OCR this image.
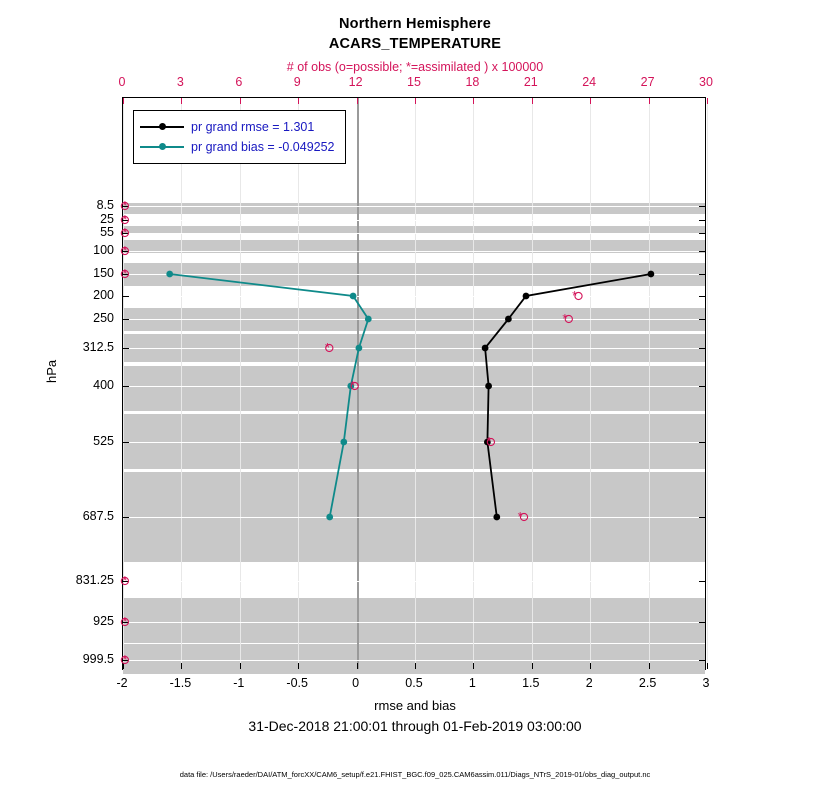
Northern Hemisphere
ACARS_TEMPERATURE
# of obs (o=possible; *=assimilated ) x 100000
0	3	6	9	12	15	18	21	24	27	30
-2	-1.5	-1	-0.5	0	0.5	1	1.5	2	2.5	3
8.5
25
55
100
150
200
250
312.5
400
525
687.5
831.25
925
999.5
hPa
rmse and bias
31-Dec-2018 21:00:01 through 01-Feb-2019 03:00:00
data file: /Users/raeder/DAI/ATM_forcXX/CAM6_setup/f.e21.FHIST_BGC.f09_025.CAM6assim.011/Diags_NTrS_2019-01/obs_diag_output.nc
*
*
*
*
*
*
*
*
*
*
*
*
*
*
pr grand rmse = 1.301
pr grand bias = -0.049252
